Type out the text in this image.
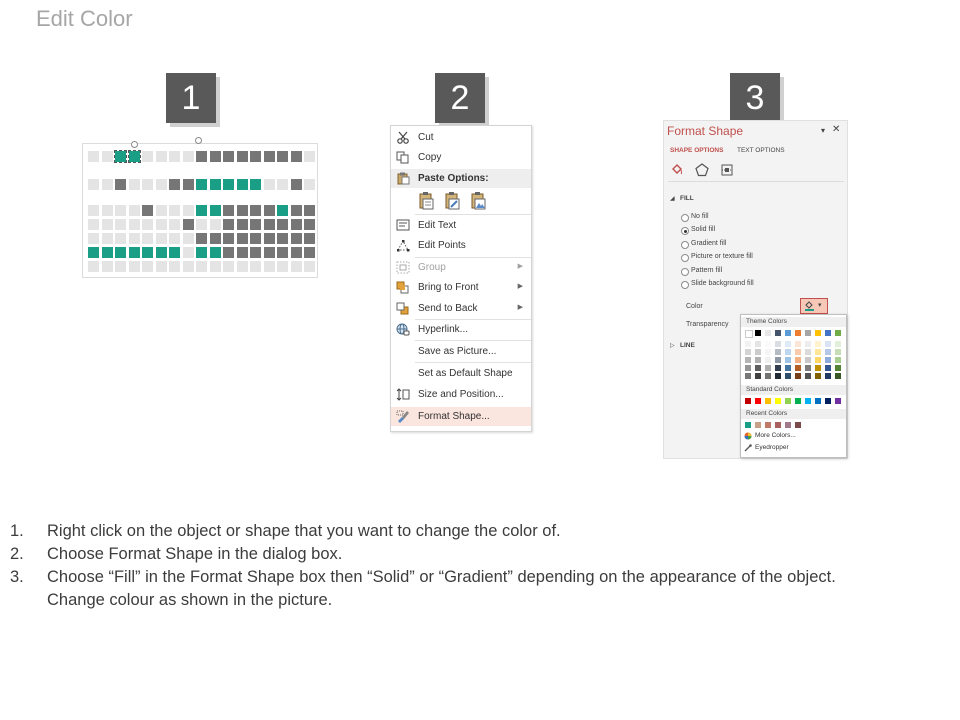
Edit Color
1	2	3
Cut
Copy
Paste Options:
Edit Text
Edit Points
Group	▶
Bring to Front	▶
Send to Back	▶
Hyperlink...
Save as Picture...
Set as Default Shape
Size and Position...
Format Shape...
Format Shape	▾ ✕
SHAPE OPTIONS TEXT OPTIONS
◢ FILL
No fill
Solid fill
Gradient fill
Picture or texture fill
Pattern fill
Slide background fill
Color	▾
Transparency
▷ LINE
Theme Colors
Standard Colors
Recent Colors
More Colors...
Eyedropper
1.	Right click on the object or shape that you want to change the color of.
2.	Choose Format Shape in the dialog box.
3.	Choose “Fill” in the Format Shape box then “Solid” or “Gradient” depending on the appearance of the object.
Change colour as shown in the picture.
